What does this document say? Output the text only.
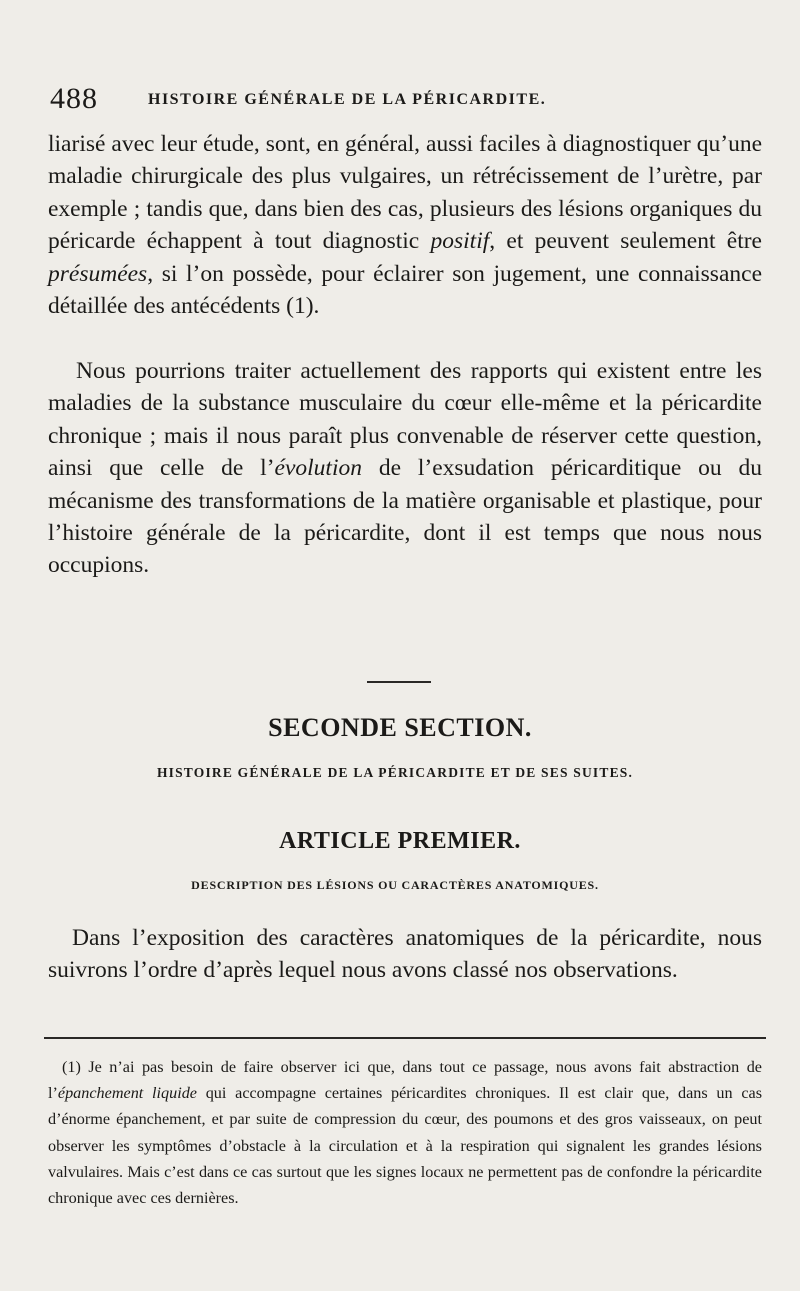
488	HISTOIRE GÉNÉRALE DE LA PÉRICARDITE.

liarisé avec leur étude, sont, en général, aussi faciles à diagnostiquer qu’une maladie chirurgicale des plus vulgaires, un rétrécissement de l’urètre, par exemple ; tandis que, dans bien des cas, plusieurs des lésions organiques du péricarde échappent à tout diagnostic positif, et peuvent seulement être présumées, si l’on possède, pour éclairer son jugement, une connaissance détaillée des antécédents (1).

Nous pourrions traiter actuellement des rapports qui existent entre les maladies de la substance musculaire du cœur elle-même et la péricardite chronique ; mais il nous paraît plus convenable de réserver cette question, ainsi que celle de l’évolution de l’exsudation péricarditique ou du mécanisme des transformations de la matière organisable et plastique, pour l’histoire générale de la péricardite, dont il est temps que nous nous occupions.

SECONDE SECTION.
HISTOIRE GÉNÉRALE DE LA PÉRICARDITE ET DE SES SUITES.
ARTICLE PREMIER.
DESCRIPTION DES LÉSIONS OU CARACTÈRES ANATOMIQUES.

Dans l’exposition des caractères anatomiques de la péricardite, nous suivrons l’ordre d’après lequel nous avons classé nos observations.

(1) Je n’ai pas besoin de faire observer ici que, dans tout ce passage, nous avons fait abstraction de l’épanchement liquide qui accompagne certaines péricardites chroniques. Il est clair que, dans un cas d’énorme épanchement, et par suite de compression du cœur, des poumons et des gros vaisseaux, on peut observer les symptômes d’obstacle à la circulation et à la respiration qui signalent les grandes lésions valvulaires. Mais c’est dans ce cas surtout que les signes locaux ne permettent pas de confondre la péricardite chronique avec ces dernières.
